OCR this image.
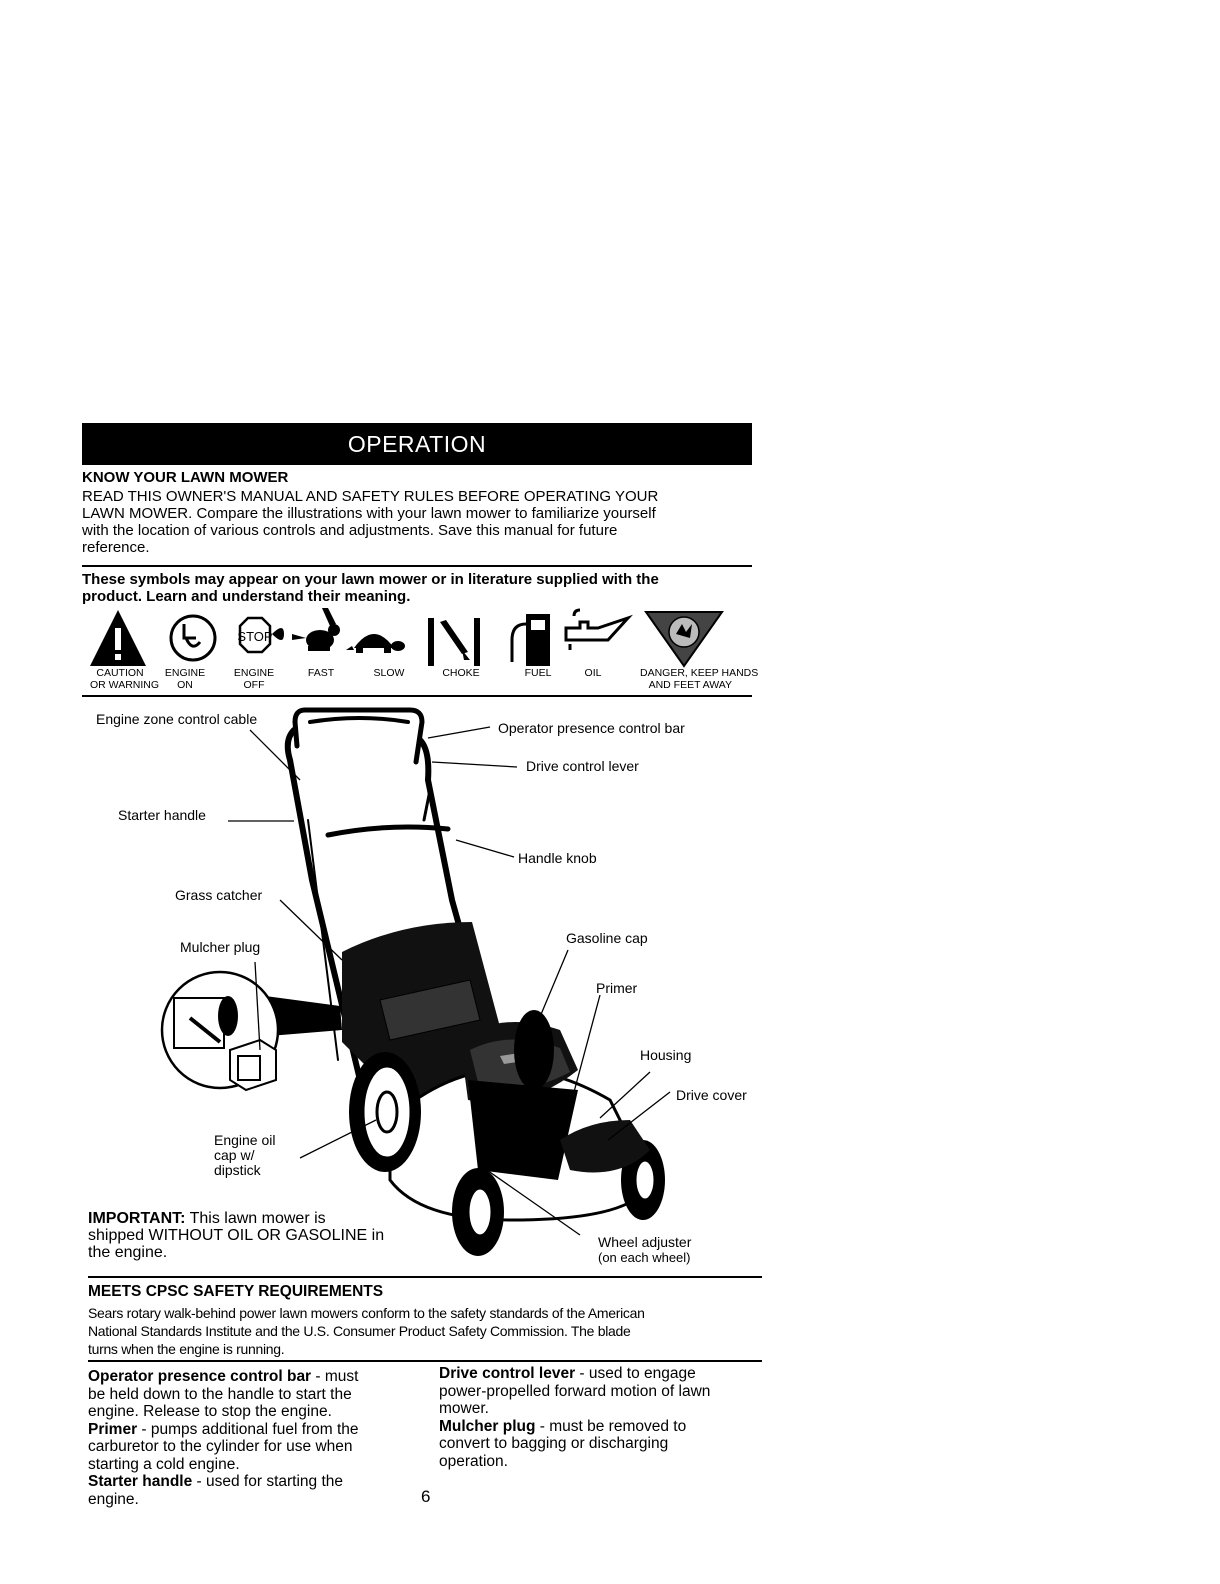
OPERATION
KNOW YOUR LAWN MOWER
READ THIS OWNER'S MANUAL AND SAFETY RULES BEFORE OPERATING YOUR
LAWN MOWER. Compare the illustrations with your lawn mower to familiarize yourself
with the location of various controls and adjustments. Save this manual for future
reference.
These symbols may appear on your lawn mower or in literature supplied with the
product. Learn and understand their meaning.
STOP
CAUTION
OR WARNING
ENGINE
ON
ENGINE
OFF
FAST	SLOW	CHOKE	FUEL	OIL	DANGER, KEEP HANDS
AND FEET AWAY
Engine zone control cable
Operator presence control bar
Drive control lever
Starter handle
Handle knob
Grass catcher
Mulcher plug
Gasoline cap
Primer
Housing
Drive cover
Engine oil
cap w/
dipstick
Wheel adjuster
(on each wheel)
IMPORTANT: This lawn mower is
shipped WITHOUT OIL OR GASOLINE in
the engine.
MEETS CPSC SAFETY REQUIREMENTS
Sears rotary walk-behind power lawn mowers conform to the safety standards of the American
National Standards Institute and the U.S. Consumer Product Safety Commission. The blade
turns when the engine is running.
Operator presence control bar - must
be held down to the handle to start the
engine. Release to stop the engine.
Primer - pumps additional fuel from the
carburetor to the cylinder for use when
starting a cold engine.
Starter handle - used for starting the
engine.
Drive control lever - used to engage
power-propelled forward motion of lawn
mower.
Mulcher plug - must be removed to
convert to bagging or discharging
operation.
6
